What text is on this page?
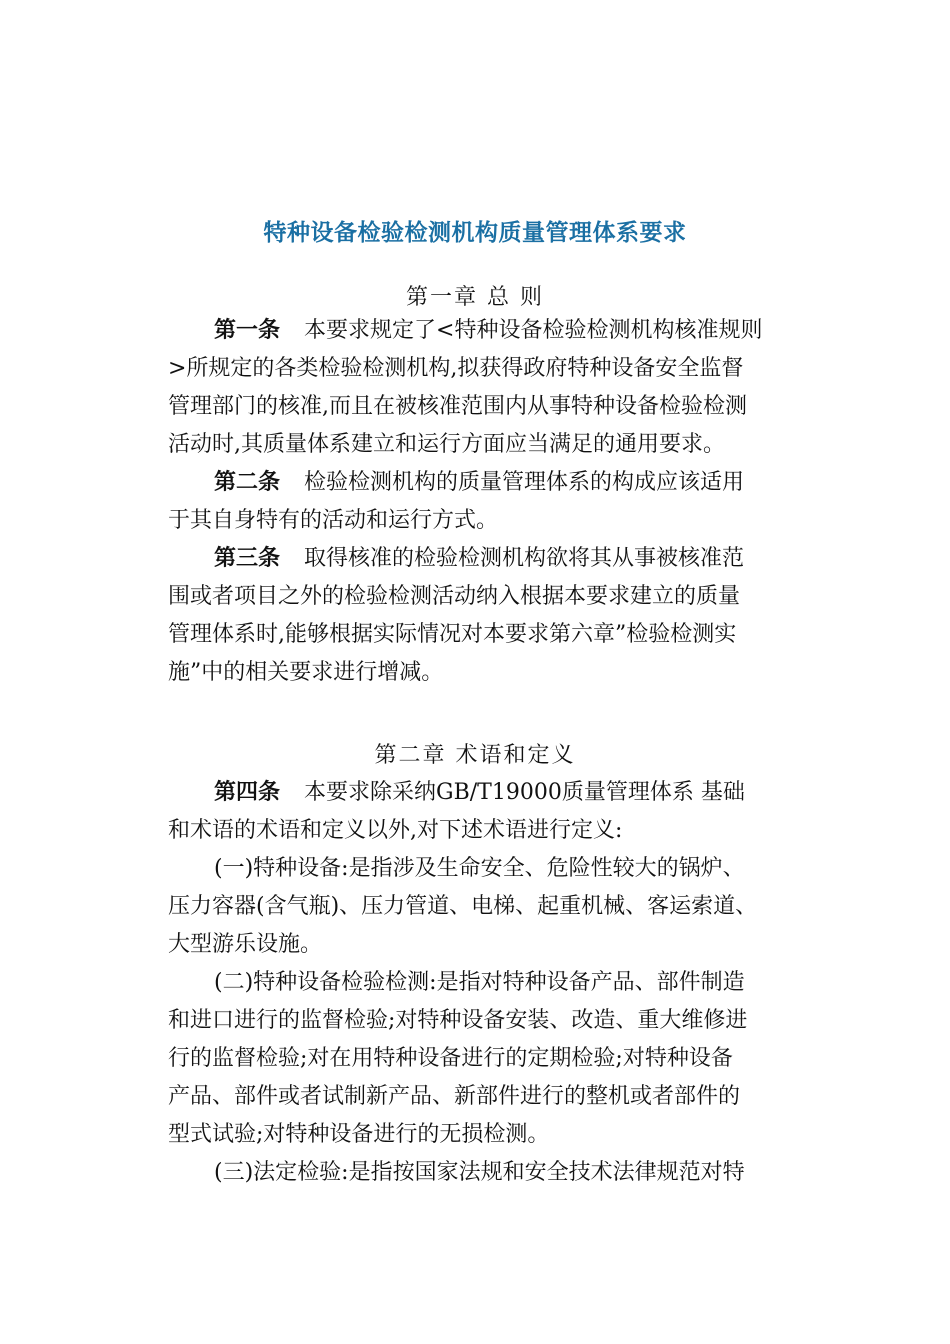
特种设备检验检测机构质量管理体系要求
第一章 总 则
第一条 本要求规定了<特种设备检验检测机构核准规则
>所规定的各类检验检测机构,拟获得政府特种设备安全监督
管理部门的核准,而且在被核准范围内从事特种设备检验检测
活动时,其质量体系建立和运行方面应当满足的通用要求。
第二条 检验检测机构的质量管理体系的构成应该适用
于其自身特有的活动和运行方式。
第三条 取得核准的检验检测机构欲将其从事被核准范
围或者项目之外的检验检测活动纳入根据本要求建立的质量
管理体系时,能够根据实际情况对本要求第六章”检验检测实
施”中的相关要求进行增减。
第二章 术语和定义
第四条 本要求除采纳GB/T19000质量管理体系 基础
和术语的术语和定义以外,对下述术语进行定义:
(一)特种设备:是指涉及生命安全、危险性较大的锅炉、
压力容器(含气瓶)、压力管道、电梯、起重机械、客运索道、
大型游乐设施。
(二)特种设备检验检测:是指对特种设备产品、部件制造
和进口进行的监督检验;对特种设备安装、改造、重大维修进
行的监督检验;对在用特种设备进行的定期检验;对特种设备
产品、部件或者试制新产品、新部件进行的整机或者部件的
型式试验;对特种设备进行的无损检测。
(三)法定检验:是指按国家法规和安全技术法律规范对特
